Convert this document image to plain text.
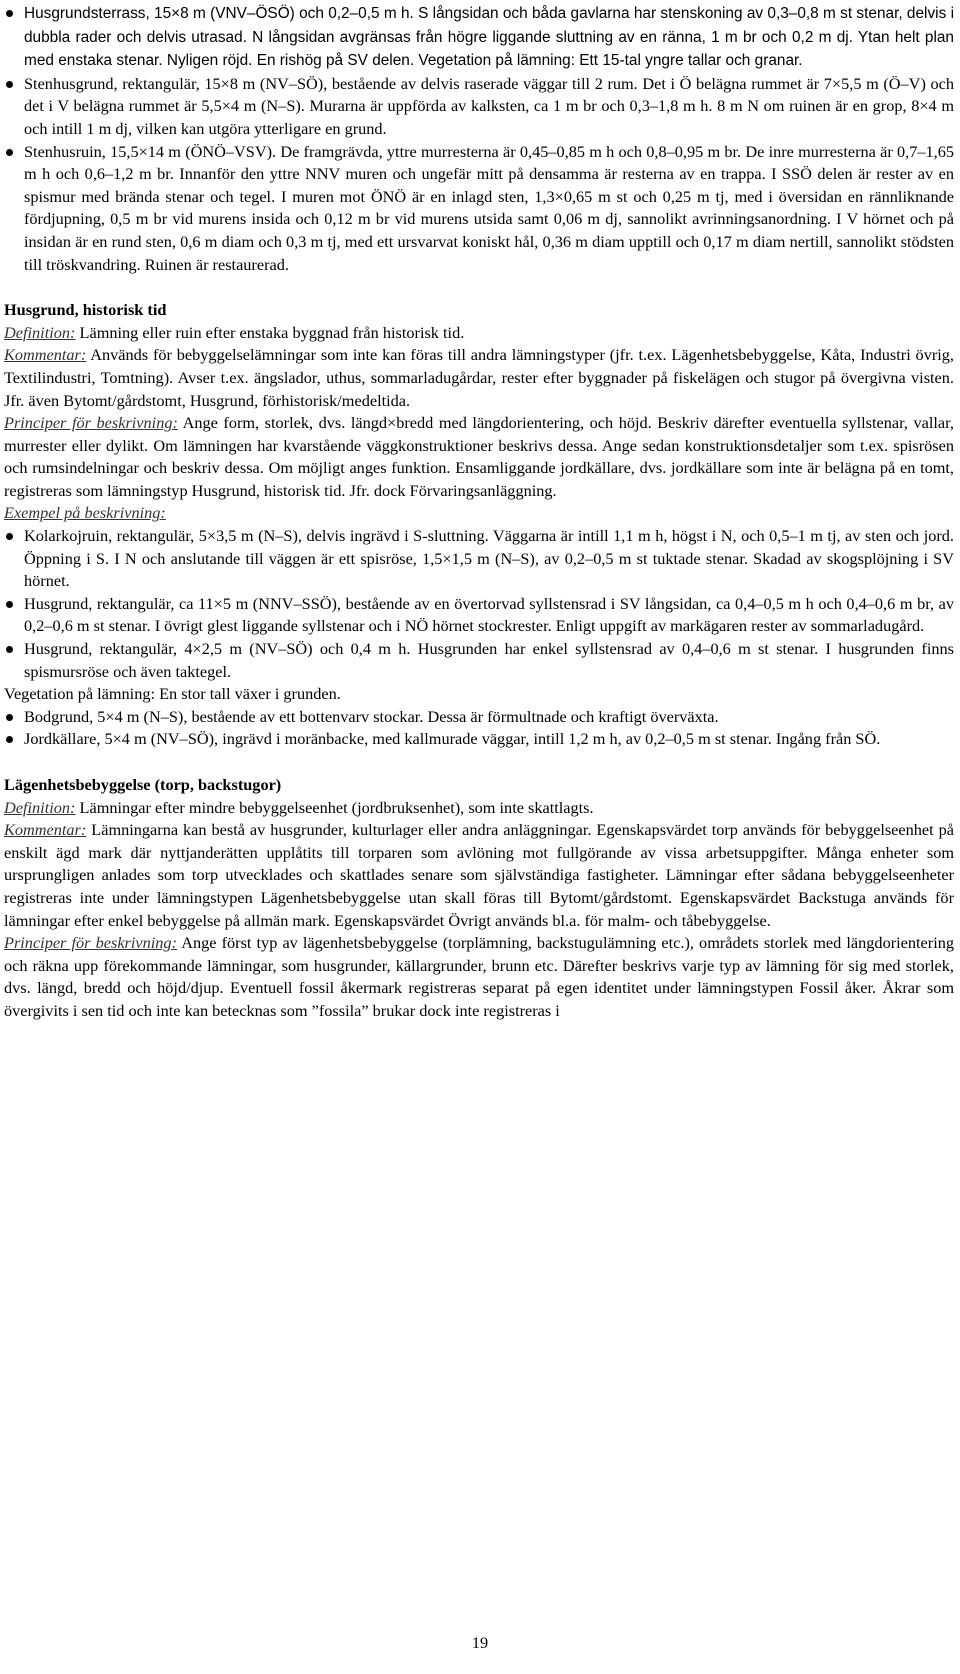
Husgrundsterrass, 15×8 m (VNV–ÖSÖ) och 0,2–0,5 m h. S långsidan och båda gavlarna har stenskoning av 0,3–0,8 m st stenar, delvis i dubbla rader och delvis utrasad. N långsidan avgränsas från högre liggande sluttning av en ränna, 1 m br och 0,2 m dj. Ytan helt plan med enstaka stenar. Nyligen röjd. En rishög på SV delen. Vegetation på lämning: Ett 15-tal yngre tallar och granar.

Stenhusgrund, rektangulär, 15×8 m (NV–SÖ), bestående av delvis raserade väggar till 2 rum. Det i Ö belägna rummet är 7×5,5 m (Ö–V) och det i V belägna rummet är 5,5×4 m (N–S). Murarna är uppförda av kalksten, ca 1 m br och 0,3–1,8 m h. 8 m N om ruinen är en grop, 8×4 m och intill 1 m dj, vilken kan utgöra ytterligare en grund.

Stenhusruin, 15,5×14 m (ÖNÖ–VSV). De framgrävda, yttre murresterna är 0,45–0,85 m h och 0,8–0,95 m br. De inre murresterna är 0,7–1,65 m h och 0,6–1,2 m br. Innanför den yttre NNV muren och ungefär mitt på densamma är resterna av en trappa. I SSÖ delen är rester av en spismur med brända stenar och tegel. I muren mot ÖNÖ är en inlagd sten, 1,3×0,65 m st och 0,25 m tj, med i översidan en rännliknande fördjupning, 0,5 m br vid murens insida och 0,12 m br vid murens utsida samt 0,06 m dj, sannolikt avrinningsanordning. I V hörnet och på insidan är en rund sten, 0,6 m diam och 0,3 m tj, med ett ursvarvat koniskt hål, 0,36 m diam upptill och 0,17 m diam nertill, sannolikt stödsten till tröskvandring. Ruinen är restaurerad.

Husgrund, historisk tid

Definition: Lämning eller ruin efter enstaka byggnad från historisk tid.

Kommentar: Används för bebyggelselämningar som inte kan föras till andra lämningstyper (jfr. t.ex. Lägenhetsbebyggelse, Kåta, Industri övrig, Textilindustri, Tomtning). Avser t.ex. ängslador, uthus, sommarladugårdar, rester efter byggnader på fiskelägen och stugor på övergivna visten. Jfr. även Bytomt/gårdstomt, Husgrund, förhistorisk/medeltida.

Principer för beskrivning: Ange form, storlek, dvs. längd×bredd med längdorientering, och höjd. Beskriv därefter eventuella syllstenar, vallar, murrester eller dylikt. Om lämningen har kvarstående väggkonstruktioner beskrivs dessa. Ange sedan konstruktionsdetaljer som t.ex. spisrösen och rumsindelningar och beskriv dessa. Om möjligt anges funktion. Ensamliggande jordkällare, dvs. jordkällare som inte är belägna på en tomt, registreras som lämningstyp Husgrund, historisk tid. Jfr. dock Förvaringsanläggning.

Exempel på beskrivning:

Kolarkojruin, rektangulär, 5×3,5 m (N–S), delvis ingrävd i S-sluttning. Väggarna är intill 1,1 m h, högst i N, och 0,5–1 m tj, av sten och jord. Öppning i S. I N och anslutande till väggen är ett spisröse, 1,5×1,5 m (N–S), av 0,2–0,5 m st tuktade stenar. Skadad av skogsplöjning i SV hörnet.

Husgrund, rektangulär, ca 11×5 m (NNV–SSÖ), bestående av en övertorvad syllstensrad i SV långsidan, ca 0,4–0,5 m h och 0,4–0,6 m br, av 0,2–0,6 m st stenar. I övrigt glest liggande syllstenar och i NÖ hörnet stockrester. Enligt uppgift av markägaren rester av sommarladugård.

Husgrund, rektangulär, 4×2,5 m (NV–SÖ) och 0,4 m h. Husgrunden har enkel syllstensrad av 0,4–0,6 m st stenar. I husgrunden finns spismursröse och även taktegel.

Vegetation på lämning: En stor tall växer i grunden.

Bodgrund, 5×4 m (N–S), bestående av ett bottenvarv stockar. Dessa är förmultnade och kraftigt överväxta.

Jordkällare, 5×4 m (NV–SÖ), ingrävd i moränbacke, med kallmurade väggar, intill 1,2 m h, av 0,2–0,5 m st stenar. Ingång från SÖ.

Lägenhetsbebyggelse (torp, backstugor)

Definition: Lämningar efter mindre bebyggelseenhet (jordbruksenhet), som inte skattlagts.

Kommentar: Lämningarna kan bestå av husgrunder, kulturlager eller andra anläggningar. Egenskapsvärdet torp används för bebyggelseenhet på enskilt ägd mark där nyttjanderätten upplåtits till torparen som avlöning mot fullgörande av vissa arbetsuppgifter. Många enheter som ursprungligen anlades som torp utvecklades och skattlades senare som självständiga fastigheter. Lämningar efter sådana bebyggelseenheter registreras inte under lämningstypen Lägenhetsbebyggelse utan skall föras till Bytomt/gårdstomt. Egenskapsvärdet Backstuga används för lämningar efter enkel bebyggelse på allmän mark. Egenskapsvärdet Övrigt används bl.a. för malm- och tåbebyggelse.

Principer för beskrivning: Ange först typ av lägenhetsbebyggelse (torplämning, backstugulämning etc.), områdets storlek med längdorientering och räkna upp förekommande lämningar, som husgrunder, källargrunder, brunn etc. Därefter beskrivs varje typ av lämning för sig med storlek, dvs. längd, bredd och höjd/djup. Eventuell fossil åkermark registreras separat på egen identitet under lämningstypen Fossil åker. Åkrar som övergivits i sen tid och inte kan betecknas som ”fossila” brukar dock inte registreras i

19
